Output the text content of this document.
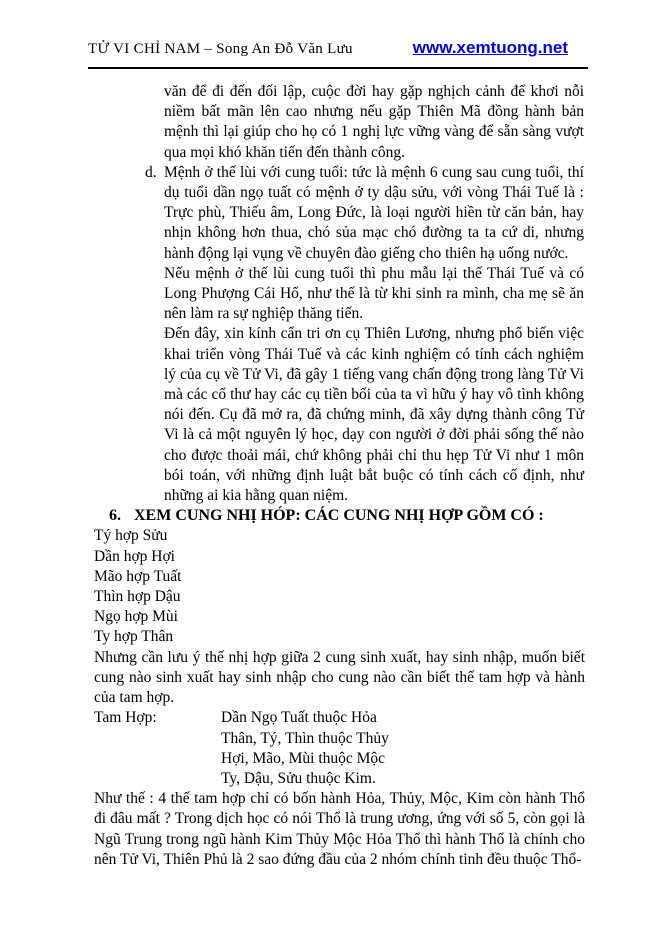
TỬ VI CHỈ NAM – Song An Đỗ Văn Lưu	www.xemtuong.net

văn để đi đến đối lập, cuộc đời hay gặp nghịch cảnh để khơi nỗi niềm bất mãn lên cao nhưng nếu gặp Thiên Mã đồng hành bản mệnh thì lại giúp cho họ có 1 nghị lực vững vàng để sẵn sàng vượt qua mọi khó khăn tiến đến thành công.

d. Mệnh ở thế lùi với cung tuổi: tức là mệnh 6 cung sau cung tuổi, thí dụ tuổi dần ngọ tuất có mệnh ở ty dậu sửu, với vòng Thái Tuế là : Trực phù, Thiếu âm, Long Đức, là loại người hiền từ căn bản, hay nhịn không hơn thua, chó sủa mạc chó đường ta ta cứ di, nhưng hành động lại vụng về chuyên đào giếng cho thiên hạ uống nước.

Nếu mệnh ở thế lùi cung tuổi thì phu mẫu lại thế Thái Tuế và có Long Phượng Cái Hổ, như thế là từ khi sinh ra mình, cha mẹ sẽ ăn nên làm ra sự nghiệp thăng tiến.

Đến đây, xin kính cẩn tri ơn cụ Thiên Lương, nhưng phổ biến việc khai triển vòng Thái Tuế và các kinh nghiệm có tính cách nghiệm lý của cụ về Tử Vi, đã gây 1 tiếng vang chấn động trong làng Tử Vi mà các cổ thư hay các cụ tiền bối của ta vì hữu ý hay vô tình không nói đến. Cụ đã mở ra, đã chứng minh, đã xây dựng thành công Tử Vi là cả một nguyên lý học, dạy con người ở đời phải sống thế nào cho được thoải mái, chứ không phải chỉ thu hẹp Tử Vi như 1 môn bói toán, với những định luật bắt buộc có tính cách cố định, như những ai kia hằng quan niệm.

6. XEM CUNG NHỊ HÓP: CÁC CUNG NHỊ HỢP GỒM CÓ :
Tý hợp Sửu
Dần hợp Hợi
Mão hợp Tuất
Thìn hợp Dậu
Ngọ hợp Mùi
Ty hợp Thân

Nhưng cần lưu ý thế nhị hợp giữa 2 cung sinh xuất, hay sinh nhập, muốn biết cung nào sinh xuất hay sinh nhập cho cung nào cần biết thế tam hợp và hành của tam hợp.

Tam Hợp:	Dần Ngọ Tuất thuộc Hỏa
Thân, Tý, Thìn thuộc Thủy
Hợi, Mão, Mùi thuộc Mộc
Ty, Dậu, Sửu thuộc Kim.

Như thế : 4 thế tam hợp chỉ có bốn hành Hỏa, Thủy, Mộc, Kim còn hành Thổ đi đâu mất ? Trong dịch học có nói Thổ là trung ương, ứng với số 5, còn gọi là Ngũ Trung trong ngũ hành Kim Thủy Mộc Hỏa Thổ thì hành Thổ là chính cho nên Tử Vi, Thiên Phủ là 2 sao đứng đầu của 2 nhóm chính tinh đều thuộc Thổ-
